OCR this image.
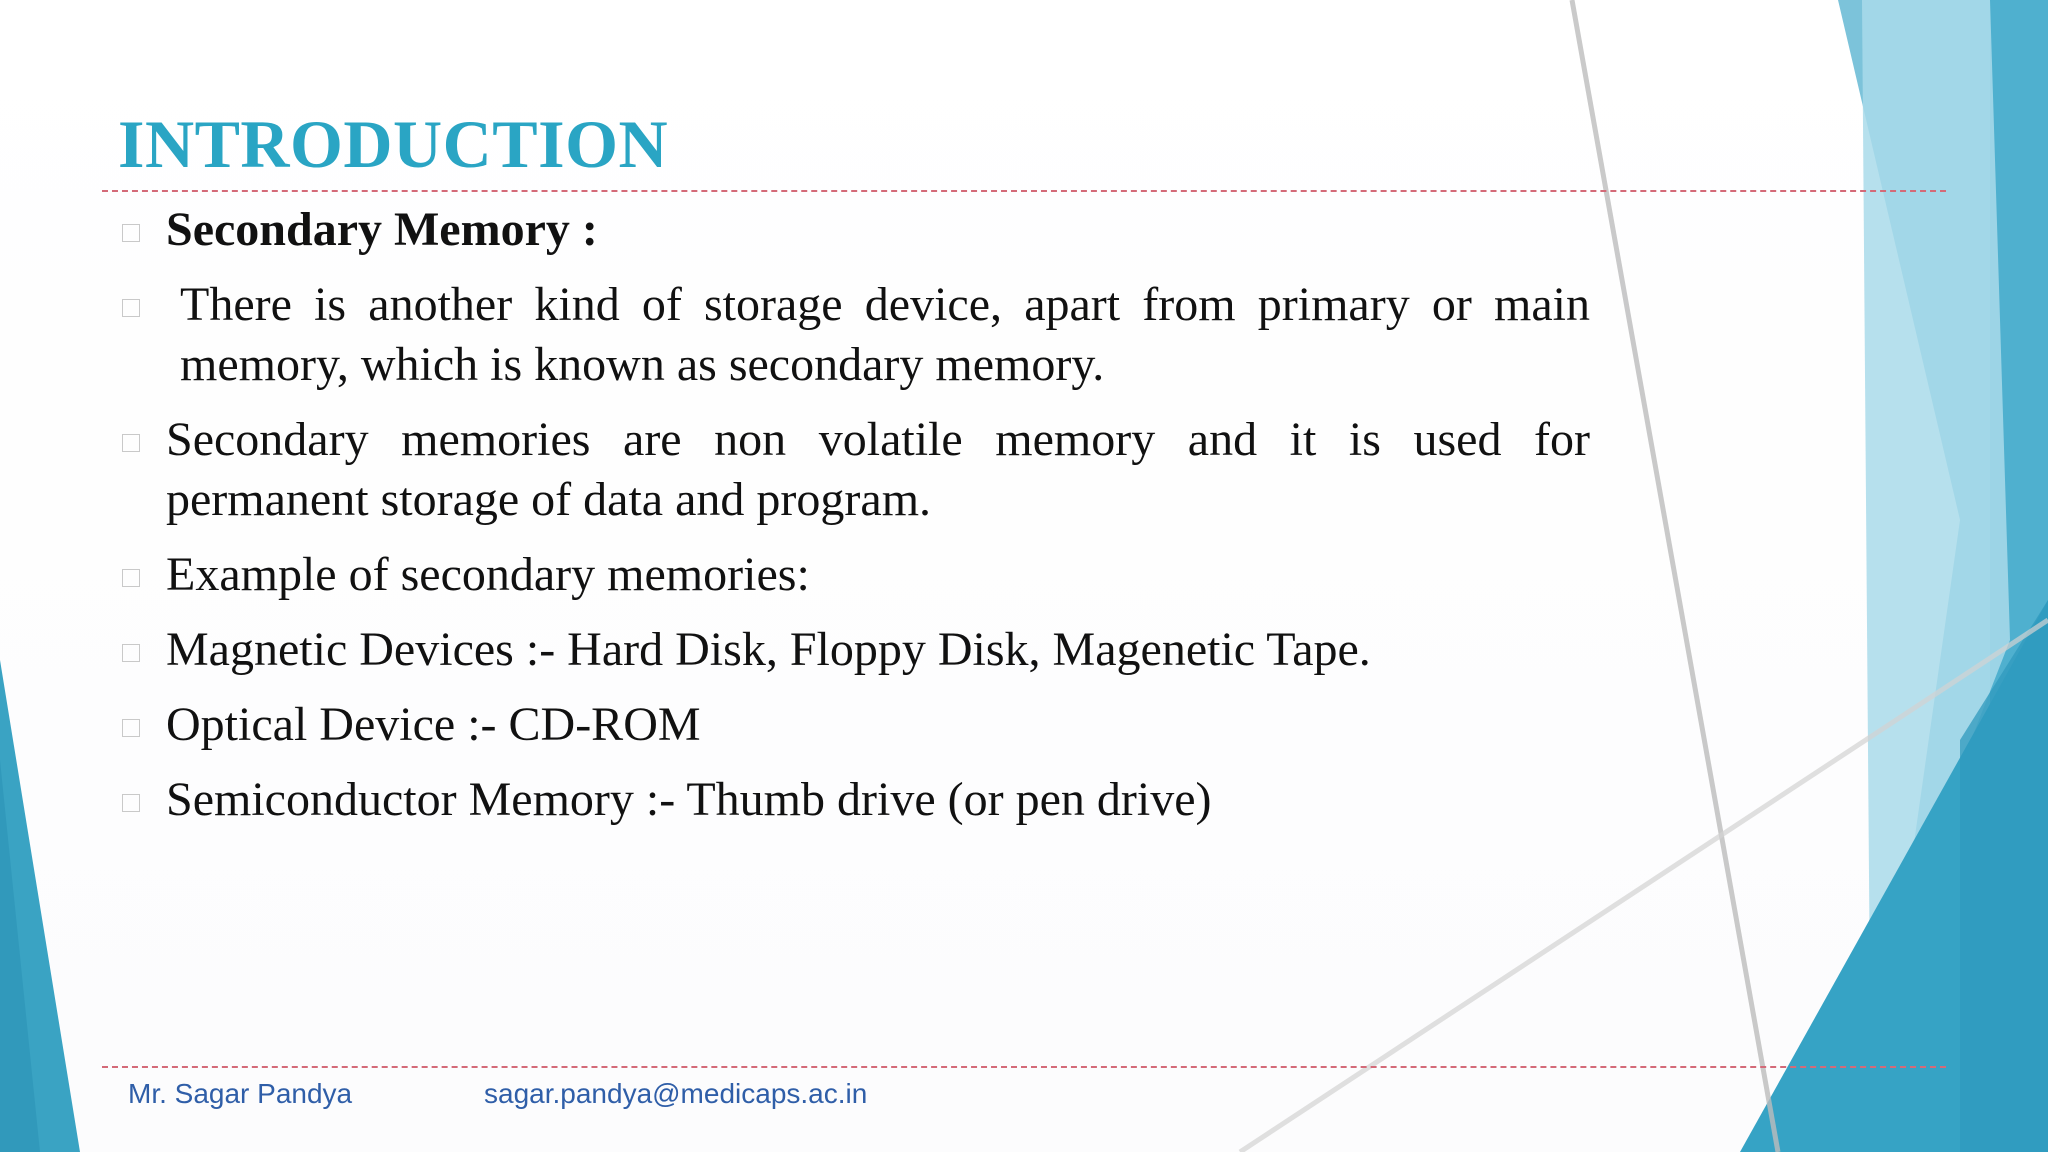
INTRODUCTION
Secondary Memory :
There is another kind of storage device, apart from primary or main memory, which is known as secondary memory.
Secondary memories are non volatile memory and it is used for permanent storage of data and program.
Example of secondary memories:
Magnetic Devices :- Hard Disk, Floppy Disk, Magenetic Tape.
Optical Device :- CD-ROM
Semiconductor Memory :- Thumb drive (or pen drive)
Mr. Sagar Pandya	sagar.pandya@medicaps.ac.in
